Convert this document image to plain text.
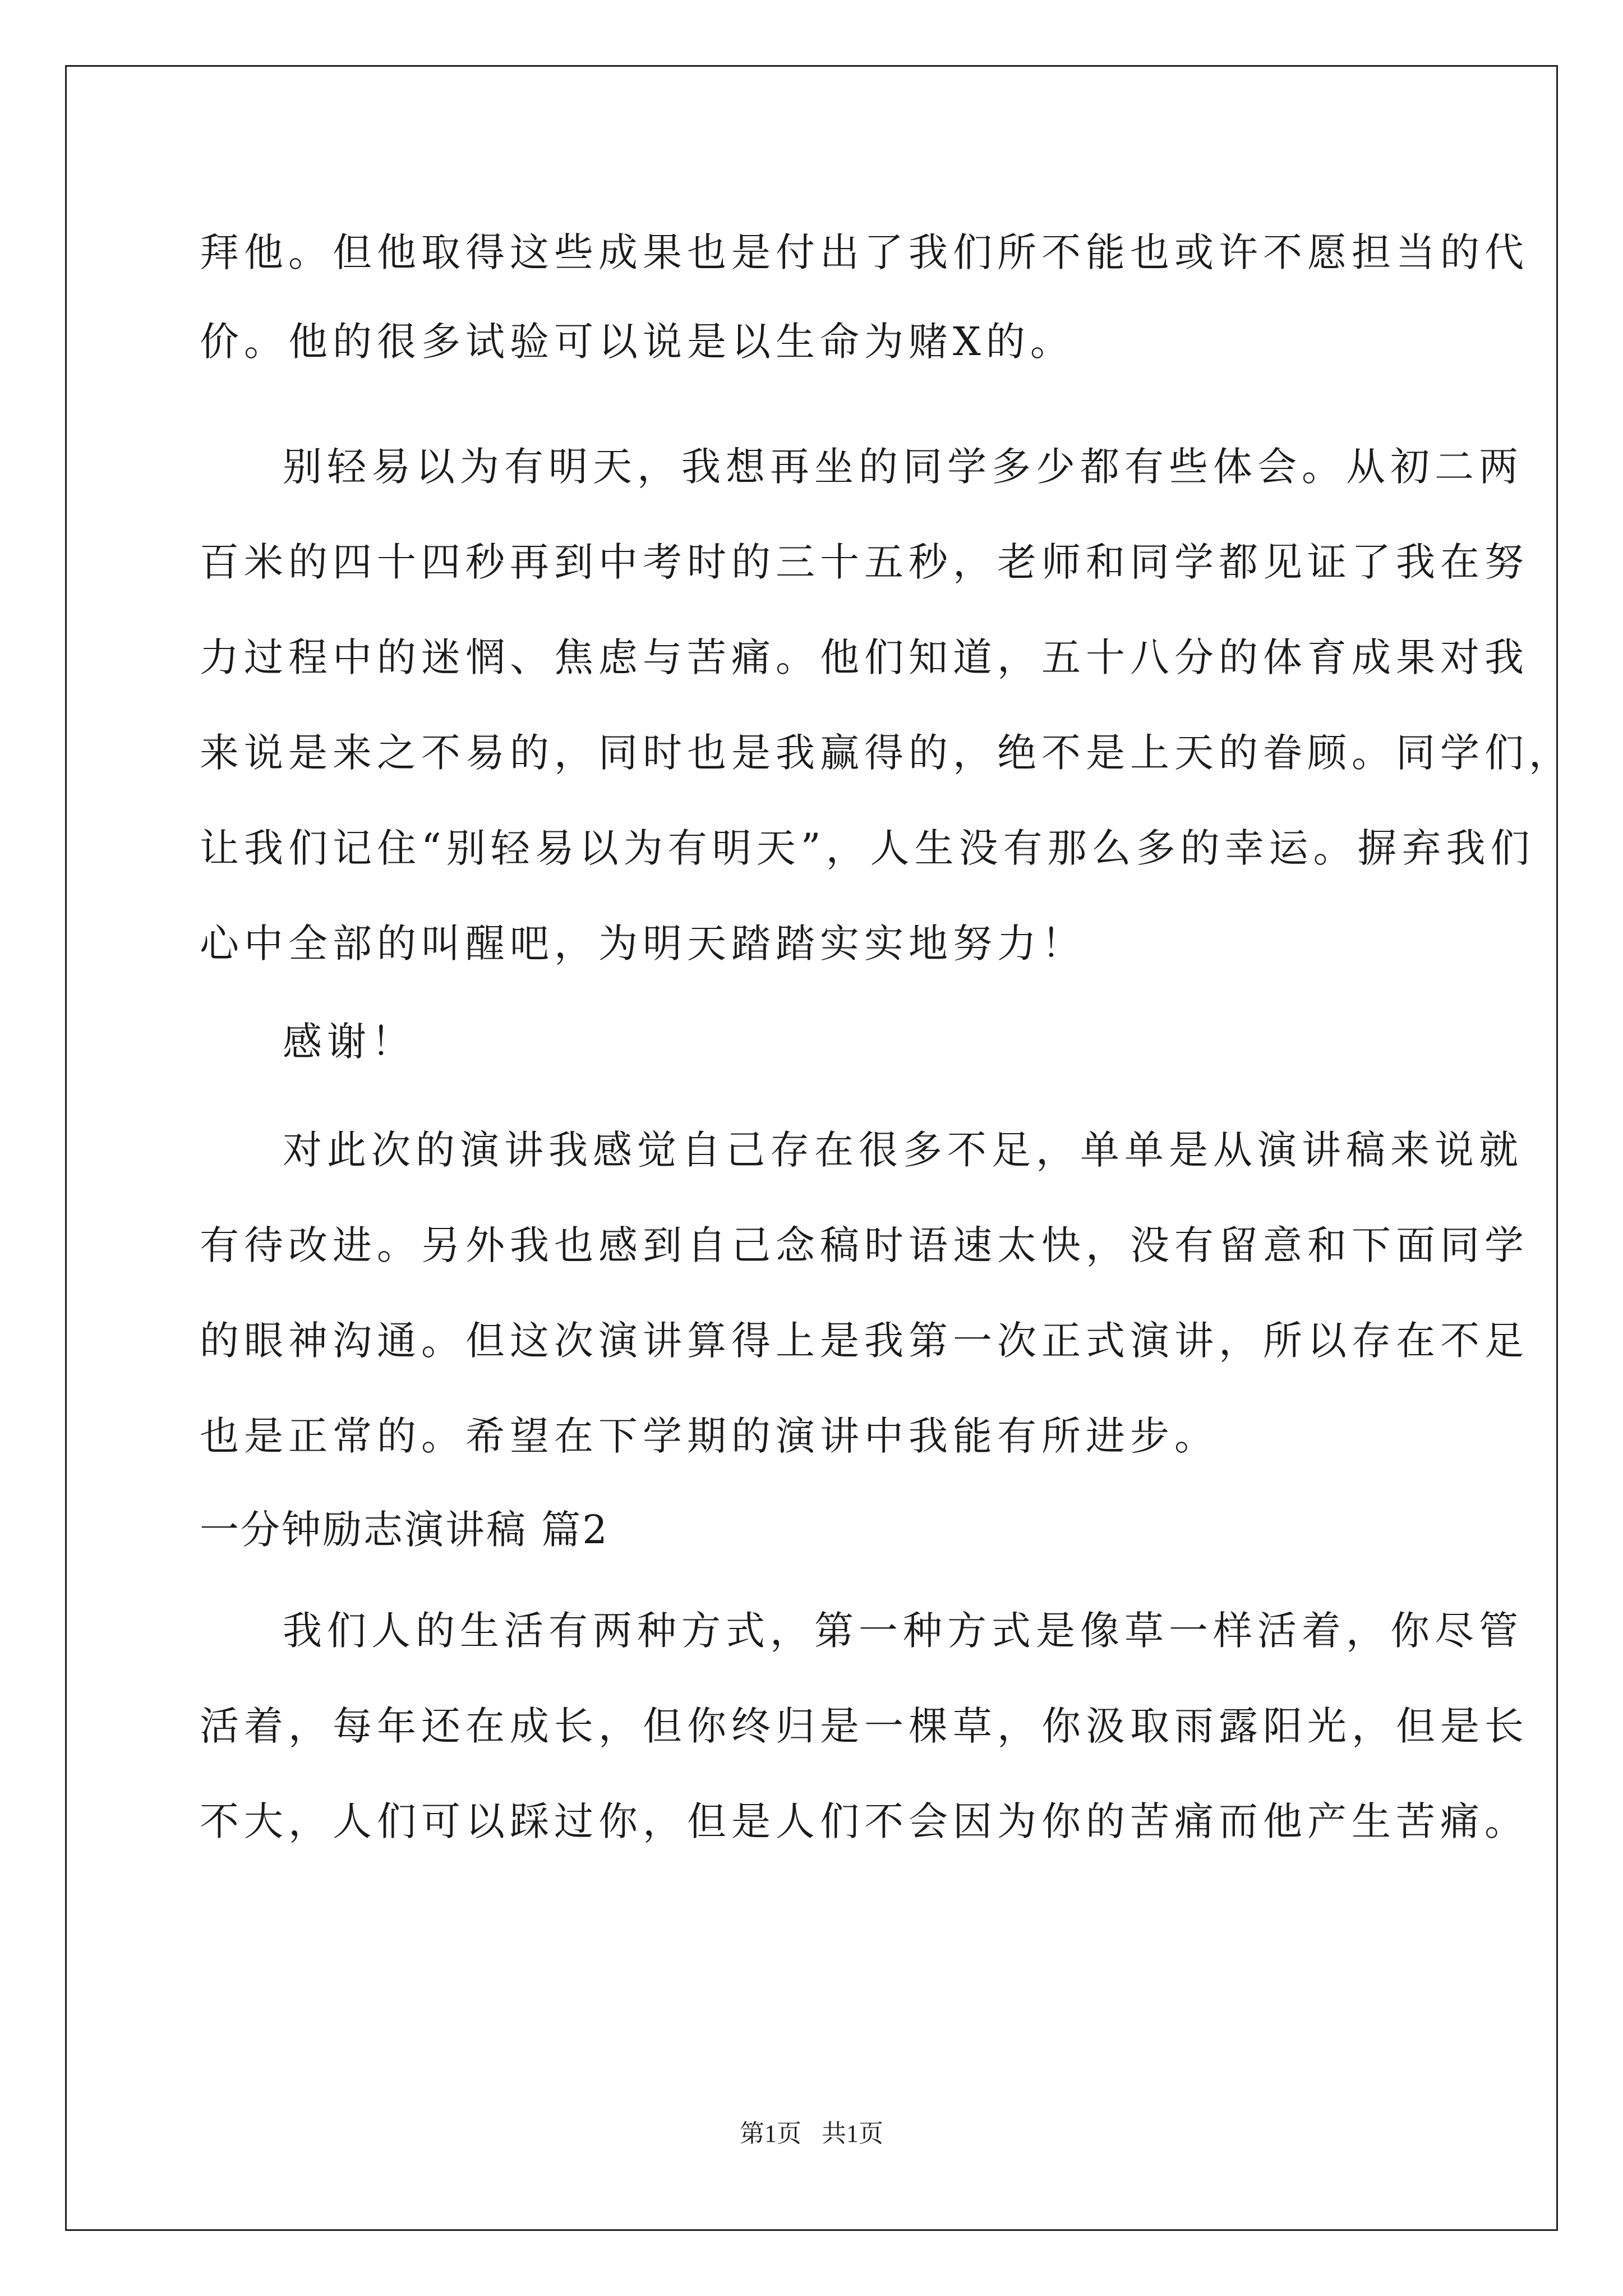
拜他。但他取得这些成果也是付出了我们所不能也或许不愿担当的代
价。他的很多试验可以说是以生命为赌X的。
别轻易以为有明天，我想再坐的同学多少都有些体会。从初二两
百米的四十四秒再到中考时的三十五秒，老师和同学都见证了我在努
力过程中的迷惘、焦虑与苦痛。他们知道，五十八分的体育成果对我
来说是来之不易的，同时也是我赢得的，绝不是上天的眷顾。同学们，
让我们记住“别轻易以为有明天”，人生没有那么多的幸运。摒弃我们
心中全部的叫醒吧，为明天踏踏实实地努力！
感谢！
对此次的演讲我感觉自己存在很多不足，单单是从演讲稿来说就
有待改进。另外我也感到自己念稿时语速太快，没有留意和下面同学
的眼神沟通。但这次演讲算得上是我第一次正式演讲，所以存在不足
也是正常的。希望在下学期的演讲中我能有所进步。
一分钟励志演讲稿 篇2
我们人的生活有两种方式，第一种方式是像草一样活着，你尽管
活着，每年还在成长，但你终归是一棵草，你汲取雨露阳光，但是长
不大，人们可以踩过你，但是人们不会因为你的苦痛而他产生苦痛。
第1页 共1页
